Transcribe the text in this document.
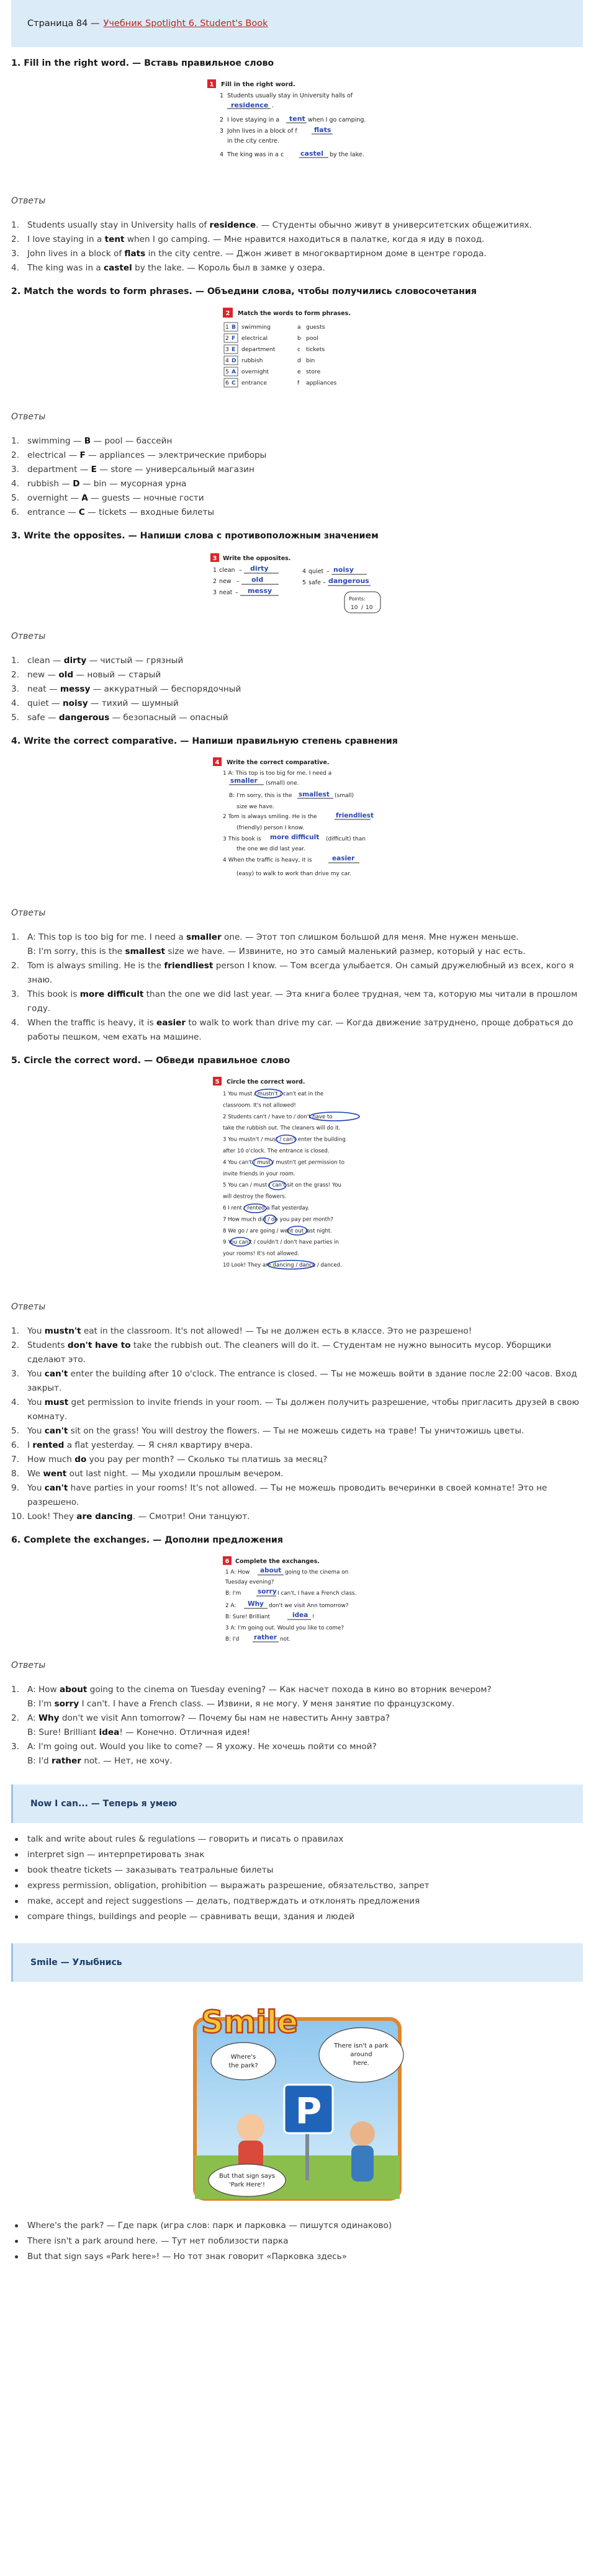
Страница 84 — Учебник Spotlight 6. Student's Book
1. Fill in the right word. — Вставь правильное слово
1 Fill in the right word.
1 Students usually stay in University halls of
residence .
2 I love staying in a tent when I go camping.
3 John lives in a block of f flats
in the city centre.
4 The king was in a c castel by the lake.
Ответы
1. Students usually stay in University halls of residence. — Студенты обычно живут в университетских общежитиях.
2. I love staying in a tent when I go camping. — Мне нравится находиться в палатке, когда я иду в поход.
3. John lives in a block of flats in the city centre. — Джон живет в многоквартирном доме в центре города.
4. The king was in a castel by the lake. — Король был в замке у озера.
2. Match the words to form phrases. — Объедини слова, чтобы получились словосочетания
2 Match the words to form phrases.
1 B swimming	a guests
2 F electrical	b pool
3 E department	c tickets
4 D rubbish	d bin
5 A overnight	e store
6 C entrance	f appliances
Ответы
1. swimming — B — pool — бассейн
2. electrical — F — appliances — электрические приборы
3. department — E — store — универсальный магазин
4. rubbish — D — bin — мусорная урна
5. overnight — A — guests — ночные гости
6. entrance — C — tickets — входные билеты
3. Write the opposites. — Напиши слова с противоположным значением
3 Write the opposites.
1 clean – dirty
2 new – old
3 neat – messy
4 quiet – noisy
5 safe – dangerous
Points:
10 / 10
Ответы
1. clean — dirty — чистый — грязный
2. new — old — новый — старый
3. neat — messy — аккуратный — беспорядочный
4. quiet — noisy — тихий — шумный
5. safe — dangerous — безопасный — опасный
4. Write the correct comparative. — Напиши правильную степень сравнения
4 Write the correct comparative.
1 A: This top is too big for me. I need a
smaller (small) one.
B: I'm sorry, this is the smallest (small)
size we have.
2 Tom is always smiling. He is the	friendliest
(friendly) person I know.
3 This book is more difficult (difficult) than
the one we did last year.
4 When the traffic is heavy, it is	easier
(easy) to walk to work than drive my car.
Ответы
1. A: This top is too big for me. I need a smaller one. — Этот топ слишком большой для меня. Мне нужен меньше.
B: I'm sorry, this is the smallest size we have. — Извините, но это самый маленький размер, который у нас есть.
2. Tom is always smiling. He is the friendliest person I know. — Том всегда улыбается. Он самый дружелюбный из всех, кого я знаю.
3. This book is more difficult than the one we did last year. — Эта книга более трудная, чем та, которую мы читали в прошлом году.
4. When the traffic is heavy, it is easier to walk to work than drive my car. — Когда движение затруднено, проще добраться до работы пешком, чем ехать на машине.
5. Circle the correct word. — Обведи правильное слово
5 Circle the correct word.
1 You must / mustn't / can't eat in the
classroom. It's not allowed!
2 Students can't / have to / don't have to
take the rubbish out. The cleaners will do it.
3 You mustn't / must / can't enter the building
after 10 o'clock. The entrance is closed.
4 You can't / must / mustn't get permission to
invite friends in your room.
5 You can / must / can't sit on the grass! You
will destroy the flowers.
6 I rent / rented a flat yesterday.
7 How much did / do you pay per month?
8 We go / are going / went out last night.
9 You can't / couldn't / don't have parties in
your rooms! It's not allowed.
10 Look! They are dancing / dance / danced.
Ответы
1. You mustn't eat in the classroom. It's not allowed! — Ты не должен есть в классе. Это не разрешено!
2. Students don't have to take the rubbish out. The cleaners will do it. — Студентам не нужно выносить мусор. Уборщики сделают это.
3. You can't enter the building after 10 o'clock. The entrance is closed. — Ты не можешь войти в здание после 22:00 часов. Вход закрыт.
4. You must get permission to invite friends in your room. — Ты должен получить разрешение, чтобы пригласить друзей в свою комнату.
5. You can't sit on the grass! You will destroy the flowers. — Ты не можешь сидеть на траве! Ты уничтожишь цветы.
6. I rented a flat yesterday. — Я снял квартиру вчера.
7. How much do you pay per month? — Сколько ты платишь за месяц?
8. We went out last night. — Мы уходили прошлым вечером.
9. You can't have parties in your rooms! It's not allowed. — Ты не можешь проводить вечеринки в своей комнате! Это не разрешено.
10. Look! They are dancing. — Смотри! Они танцуют.
6. Complete the exchanges. — Дополни предложения
6 Complete the exchanges.
1 A: How about going to the cinema on
Tuesday evening?
B: I'm	sorry I can't, I have a French class.
2 A: Why don't we visit Ann tomorrow?
B: Sure! Brilliant	idea !
3 A: I'm going out. Would you like to come?
B: I'd rather not.
Ответы
1. A: How about going to the cinema on Tuesday evening? — Как насчет похода в кино во вторник вечером?
B: I'm sorry I can't. I have a French class. — Извини, я не могу. У меня занятие по французскому.
2. A: Why don't we visit Ann tomorrow? — Почему бы нам не навестить Анну завтра?
B: Sure! Brilliant idea! — Конечно. Отличная идея!
3. A: I'm going out. Would you like to come? — Я ухожу. Не хочешь пойти со мной?
B: I'd rather not. — Нет, не хочу.
Now I can... — Теперь я умею
talk and write about rules & regulations — говорить и писать о правилах
interpret sign — интерпретировать знак
book theatre tickets — заказывать театральные билеты
express permission, obligation, prohibition — выражать разрешение, обязательство, запрет
make, accept and reject suggestions — делать, подтверждать и отклонять предложения
compare things, buildings and people — сравнивать вещи, здания и людей
Smile — Улыбнись
Smile
P
Where's
the park?
There isn't a park
around
here.
But that sign says
'Park Here'!
Where's the park? — Где парк (игра слов: парк и парковка — пишутся одинаково)
There isn't a park around here. — Тут нет поблизости парка
But that sign says «Park here»! — Но тот знак говорит «Парковка здесь»
